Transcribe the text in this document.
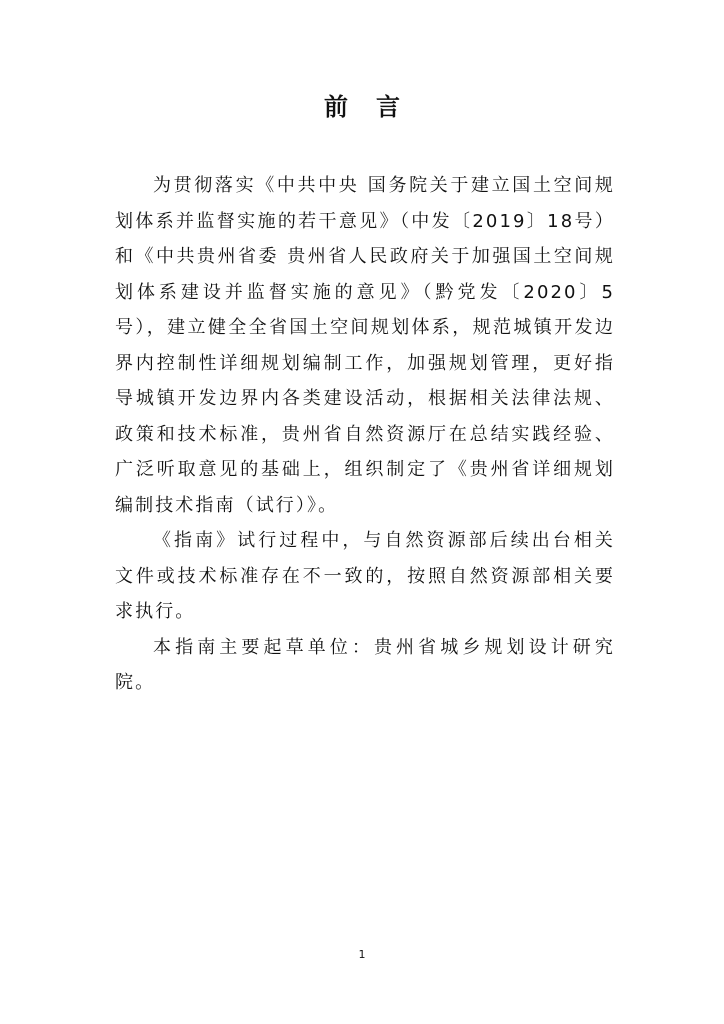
前言

为贯彻落实《中共中央 国务院关于建立国土空间规划体系并监督实施的若干意见》（中发〔2019〕18号）和《中共贵州省委 贵州省人民政府关于加强国土空间规划体系建设并监督实施的意见》（黔党发〔2020〕5号），建立健全全省国土空间规划体系，规范城镇开发边界内控制性详细规划编制工作，加强规划管理，更好指导城镇开发边界内各类建设活动，根据相关法律法规、政策和技术标准，贵州省自然资源厅在总结实践经验、广泛听取意见的基础上，组织制定了《贵州省详细规划编制技术指南（试行）》。

《指南》试行过程中，与自然资源部后续出台相关文件或技术标准存在不一致的，按照自然资源部相关要求执行。

本指南主要起草单位：贵州省城乡规划设计研究院。

1
